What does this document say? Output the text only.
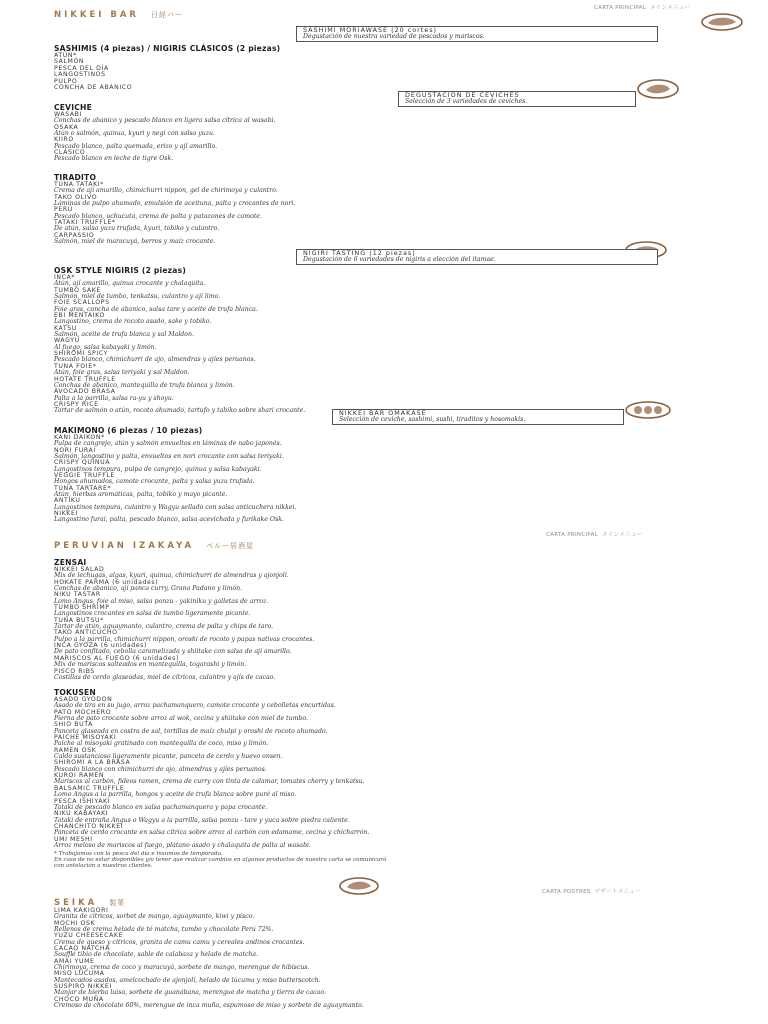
NIKKEI BAR 日経バー
CARTA PRINCIPAL メインメニュー
SASHIMI MORIAWASE (20 cortes)
Degustación de nuestra variedad de pescados y mariscos.
SASHIMIS (4 piezas) / NIGIRIS CLÁSICOS (2 piezas)
ATÚN*
SALMÓN
PESCA DEL DÍA
LANGOSTINOS
PULPO
CONCHA DE ABANICO
DEGUSTACIÓN DE CEVICHES
Selección de 3 variedades de ceviches.
CEVICHE
WASABI
Conchas de abanico y pescado blanco en ligera salsa cítrica al wasabi.
OSAKA
Atún o salmón, quinua, kyuri y negi con salsa yuzu.
KIIRO
Pescado blanco, palta quemada, erizo y ají amarillo.
CLÁSICO
Pescado blanco en leche de tigre Osk.
TIRADITO
TUNA TATAKI*
Crema de ají amarillo, chimichurri nippon, gel de chirimoya y culantro.
TAKO OLIVO
Láminas de pulpo ahumado, emulsión de aceituna, palta y crocantes de nori.
PERÚ
Pescado blanco, uchucuta, crema de palta y patacones de camote.
TATAKI TRUFFLE*
De atún, salsa yuzu trufada, kyuri, tobiko y culantro.
CARPASSIO
Salmón, miel de maracuyá, berros y maíz crocante.
NIGIRI TASTING (12 piezas)
Degustación de 6 variedades de nigiris a elección del itamae.
OSK STYLE NIGIRIS (2 piezas)
INCA*
Atún, ají amarillo, quinua crocante y chalaquita.
TUMBO SAKE
Salmón, miel de tumbo, tenkatsu, culantro y ají limo.
FOIE SCALLOPS
Foie gras, concha de abanico, salsa tare y aceite de trufa blanca.
EBI MENTAIKO
Langostino, crema de rocoto asado, sake y tobiko.
KATSU
Salmón, aceite de trufa blanca y sal Maldon.
WAGYU
Al fuego, salsa kabayaki y limón.
SHIROMI SPICY
Pescado blanco, chimichurri de ajo, almendras y ajíes peruanos.
TUNA FOIE*
Atún, foie gras, salsa teriyaki y sal Maldon.
HOTATE TRUFFLE
Conchas de abanico, mantequilla de trufa blanca y limón.
AVOCADO BRASA
Palta a la parrilla, salsa ra-yu y shoyu.
CRISPY RICE
Tartar de salmón o atún, rocoto ahumado, tartufo y tabiko sobre shari crocante.	NIKKEI BAR OMAKASE
Selección de ceviche, sashimi, sushi, tiraditos y hosomakis.
MAKIMONO (6 piezas / 10 piezas)
KANI DAIKON*
Pulpa de cangrejo, atún y salmón envueltos en láminas de nabo japonés.
NORI FURAI
Salmón, langostino y palta, envueltos en nori crocante con salsa teriyaki.
CRISPY QUINUA
Langostinos tempura, pulpa de cangrejo, quinua y salsa kabayaki.
VEGGIE TRUFFLE
Hongos ahumados, camote crocante, palta y salsa yuzu trufada.
TUNA TARTARE*
Atún, hierbas aromáticas, palta, tobiko y mayo picante.
ANTIKU
Langostinos tempura, culantro y Wagyu sellado con salsa anticuchera nikkei.
NIKKEI
Langostino furai, palta, pescado blanco, salsa acevichada y furikake Osk.
CARTA PRINCIPAL メインメニュー
PERUVIAN IZAKAYA ペルー居酒屋
ZENSAI
NIKKEI SALAD
Mix de lechugas, algas, kyuri, quinua, chimichurri de almendras y ajonjolí.
HOKATE PARMA (6 unidades)
Conchas de abanico, ají panca curry, Grana Padano y limón.
NIKU TASTAR
Lomo Angus, foie al miso, salsa ponzu - yakiniku y galletas de arroz.
TUMBO SHRIMP
Langostinos crocantes en salsa de tumbo ligeramente picante.
TUNA BUTSU*
Tartar de atún, aguaymanto, culantro, crema de palta y chips de taro.
TAKO ANTICUCHO
Pulpo a la parrilla, chimichurri nippon, oroshi de rocoto y papas nativas crocantes.
INCA GYOZA (6 unidades)
De pato confitado, cebolla caramelizada y shiitake con salsa de ají amarillo.
MARISCOS AL FUEGO (6 unidades)
Mix de mariscos salteados en mantequilla, togarashi y limón.
PISCO RIBS
Costillas de cerdo glaseadas, miel de cítricos, culantro y ajís de cacao.
TOKUSEN
ASADO GYODON
Asado de tira en su jugo, arroz pachamanquero, camote crocante y cebolletas encurtidas.
PATO MOCHERO
Pierna de pato crocante sobre arroz al wok, cecina y shiitake con miel de tumbo.
SHIO BUTA
Panceta glaseada en costra de sal, tortillas de maíz chulpi y oroshi de rocoto ahumado.
PAICHE MISOYAKI
Paiche al misoyaki gratinado con mantequilla de coco, miso y limón.
RAMEN OSK
Caldo sustancioso ligeramente picante, panceta de cerdo y huevo onsen.
SHIROMI A LA BRASA
Pescado blanco con chimichurri de ajo, almendras y ajíes peruanos.
KUROI RAMEN
Mariscos al carbón, fideos ramen, crema de curry con tinta de calamar, tomates cherry y tenkatsu.
BALSAMIC TRUFFLE
Lomo Angus a la parrilla, hongos y aceite de trufa blanca sobre puré al miso.
PESCA ISHIYAKI
Tataki de pescado blanco en salsa pachamanquera y papa crocante.
NIKU KABAYAKI
Tataki de entraña Angus o Wagyu a la parrilla, salsa ponzu - tare y yuca sobre piedra caliente.
CHANCHITO NIKKEI
Panceta de cerdo crocante en salsa cítrica sobre arroz al carbón con edamame, cecina y chicharrón.
UMI MESHI
Arroz meloso de mariscos al fuego, plátano asado y chalaquita de palta al wasabi.
* Trabajamos con la pesca del día e insumos de temporada.
En caso de no estar disponibles y/o tener que realizar cambios en algunos productos de nuestra carta se comunicará
con antelación a nuestros clientes.
CARTA POSTRES デザートメニュー
SEIKA 製菓
LIMA KAKIGORI
Granita de cítricos, sorbet de mango, aguaymanto, kiwi y pisco.
MOCHI OSK
Rellenos de crema helada de té matcha, tumbo y chocolate Perú 72%.
YUZU CHEESECAKE
Crema de queso y cítricos, granita de camu camu y cereales andinos crocantes.
CACAO NATCHA
Soufflé tibio de chocolate, sable de calabaza y helado de matcha.
AMAI YUME
Chirimoya, crema de coco y maracuyá, sorbete de mango, merengue de hibiscus.
MISO LÚCUMA
Mantecados asados, amelcochado de ajonjolí, helado de lúcuma y miso butterscotch.
SUSPIRO NIKKEI
Manjar de hierba luisa, sorbete de guanábana, merengue de matcha y tierra de cacao.
CHOCO MUÑA
Cremoso de chocolate 60%, merengue de inca muña, espumoso de miso y sorbete de aguaymanto.
